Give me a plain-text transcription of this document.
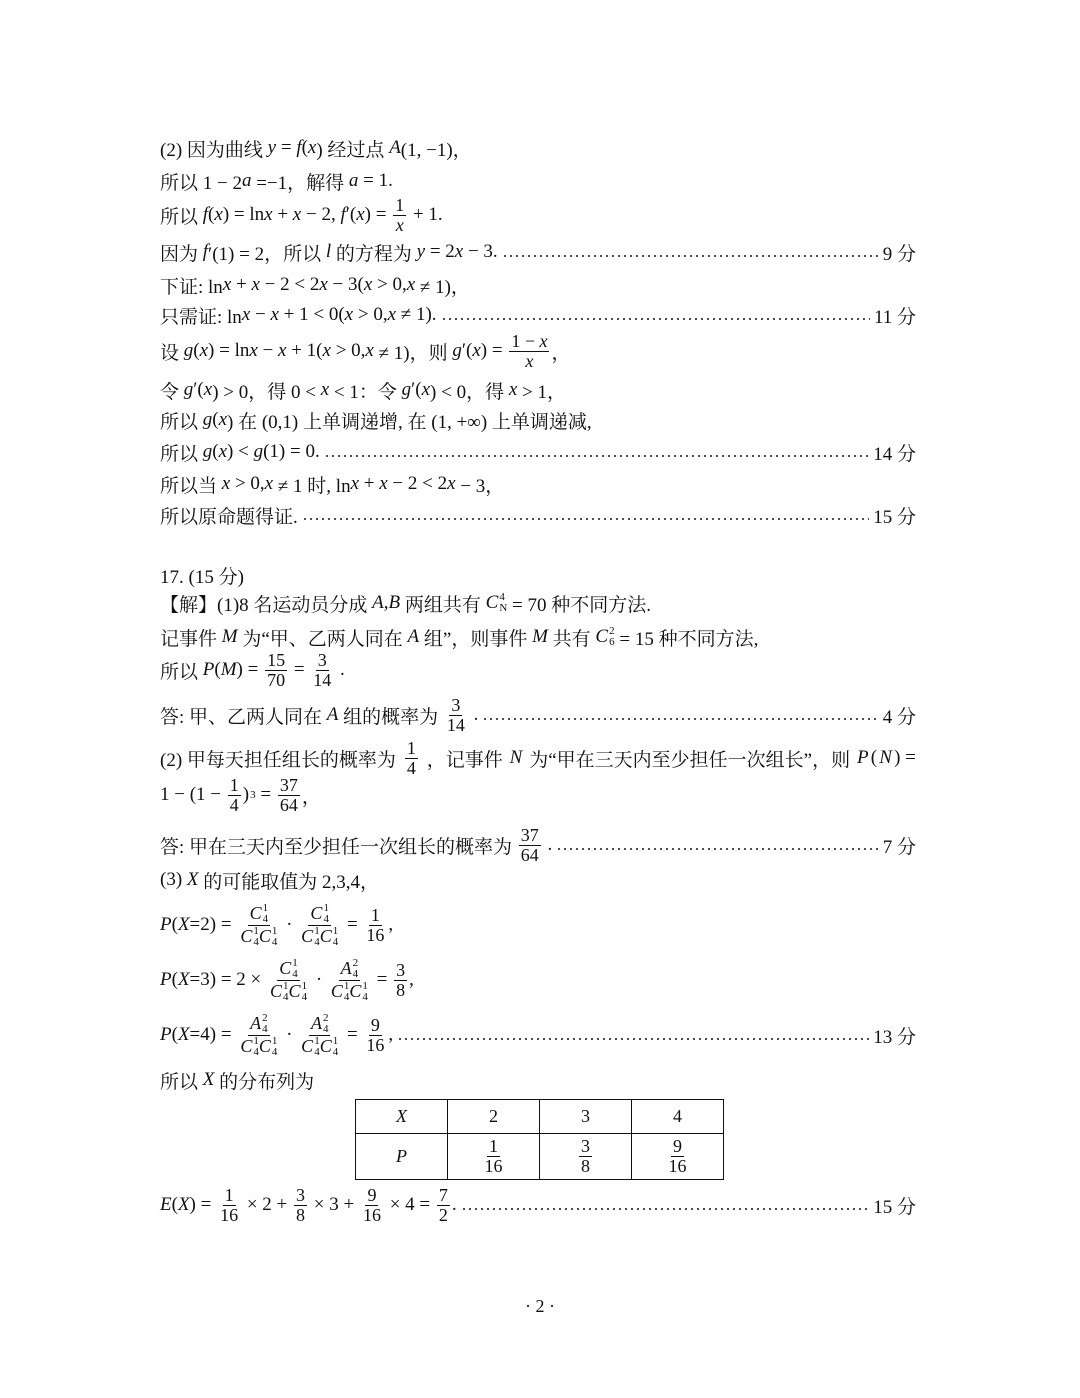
(2) 因为曲线 y = f ( x ) 经过点 A (1, −1)，
所以 1 − 2 a =−1，解得 a = 1.
所以 f ( x ) = ln x + x − 2, f ′( x ) = $\frac{1}{x} + 1$.
因为 f ′(1) = 2，所以 l 的方程为 y = 2 x − 3.	9 分
下证: ln x + x − 2 < 2 x − 3( x > 0, x ≠ 1)，
只需证: ln x − x + 1 < 0( x > 0, x ≠ 1).	11 分
设 g ( x ) = ln x − x + 1( x > 0, x ≠ 1)，则 g ′( x ) = $\frac{1 - x}{x}$ ，
令 g ′( x ) > 0，得 0 < x < 1：令 g ′( x ) < 0，得 x > 1，
所以 g ( x ) 在 (0,1) 上单调递增, 在 (1, +∞) 上单调递减,
所以 g ( x ) < g (1) = 0.	14 分
所以当 x > 0, x ≠ 1 时, ln x + x − 2 < 2 x − 3，
所以原命题得证.	15 分
17. (15 分)
【解】(1)8 名运动员分成 A , B 两组共有 C 4
N = 70 种不同方法.
记事件 M 为“甲、乙两人同在 A 组”，则事件 M 共有 C 2
6 = 15 种不同方法,
所以 P ( M ) = $\frac{15}{70} = \frac{3}{14}$ .
答: 甲、乙两人同在 A 组的概率为 $\frac{3}{14}$ .	4 分
(2) 甲每天担任组长的概率为 $\frac{1}{4}$ ，记事件 N 为“甲在三天内至少担任一次组长”，则 P ( N ) =
$1 - (1 - \frac{1}{4}$ ) $3 = \frac{37}{64}$ ，
答: 甲在三天内至少担任一次组长的概率为 $\frac{37}{64}$ .	7 分
(3) X 的可能取值为 2,3,4，
P ( X =2) = C 1
4
C 1
4 C 1
4 · C 1
4
C 1
4 C 1
$4 = \frac{1}{16}$ ,
P ( X =3) = 2 × C 1
4
C 1
4 C 1
4 · A 2
4
C 1
4 C 1
$4 = \frac{3}{8}$ ,
P ( X =4) = A 2
4
C 1
4 C 1
4 · A 2
4
C 1
4 C 1
$4 = \frac{9}{16}$ ,	13 分
所以 X 的分布列为
E ( X ) = $\frac{1}{16} \times 2 + \frac{3}{8} \times 3 + \frac{9}{16} \times 4 = \frac{7}{2}$ .	15 分
X	2	3	4
P	$\frac{1}{16}$	$\frac{3}{8}$	$\frac{9}{16}$
· 2 ·
